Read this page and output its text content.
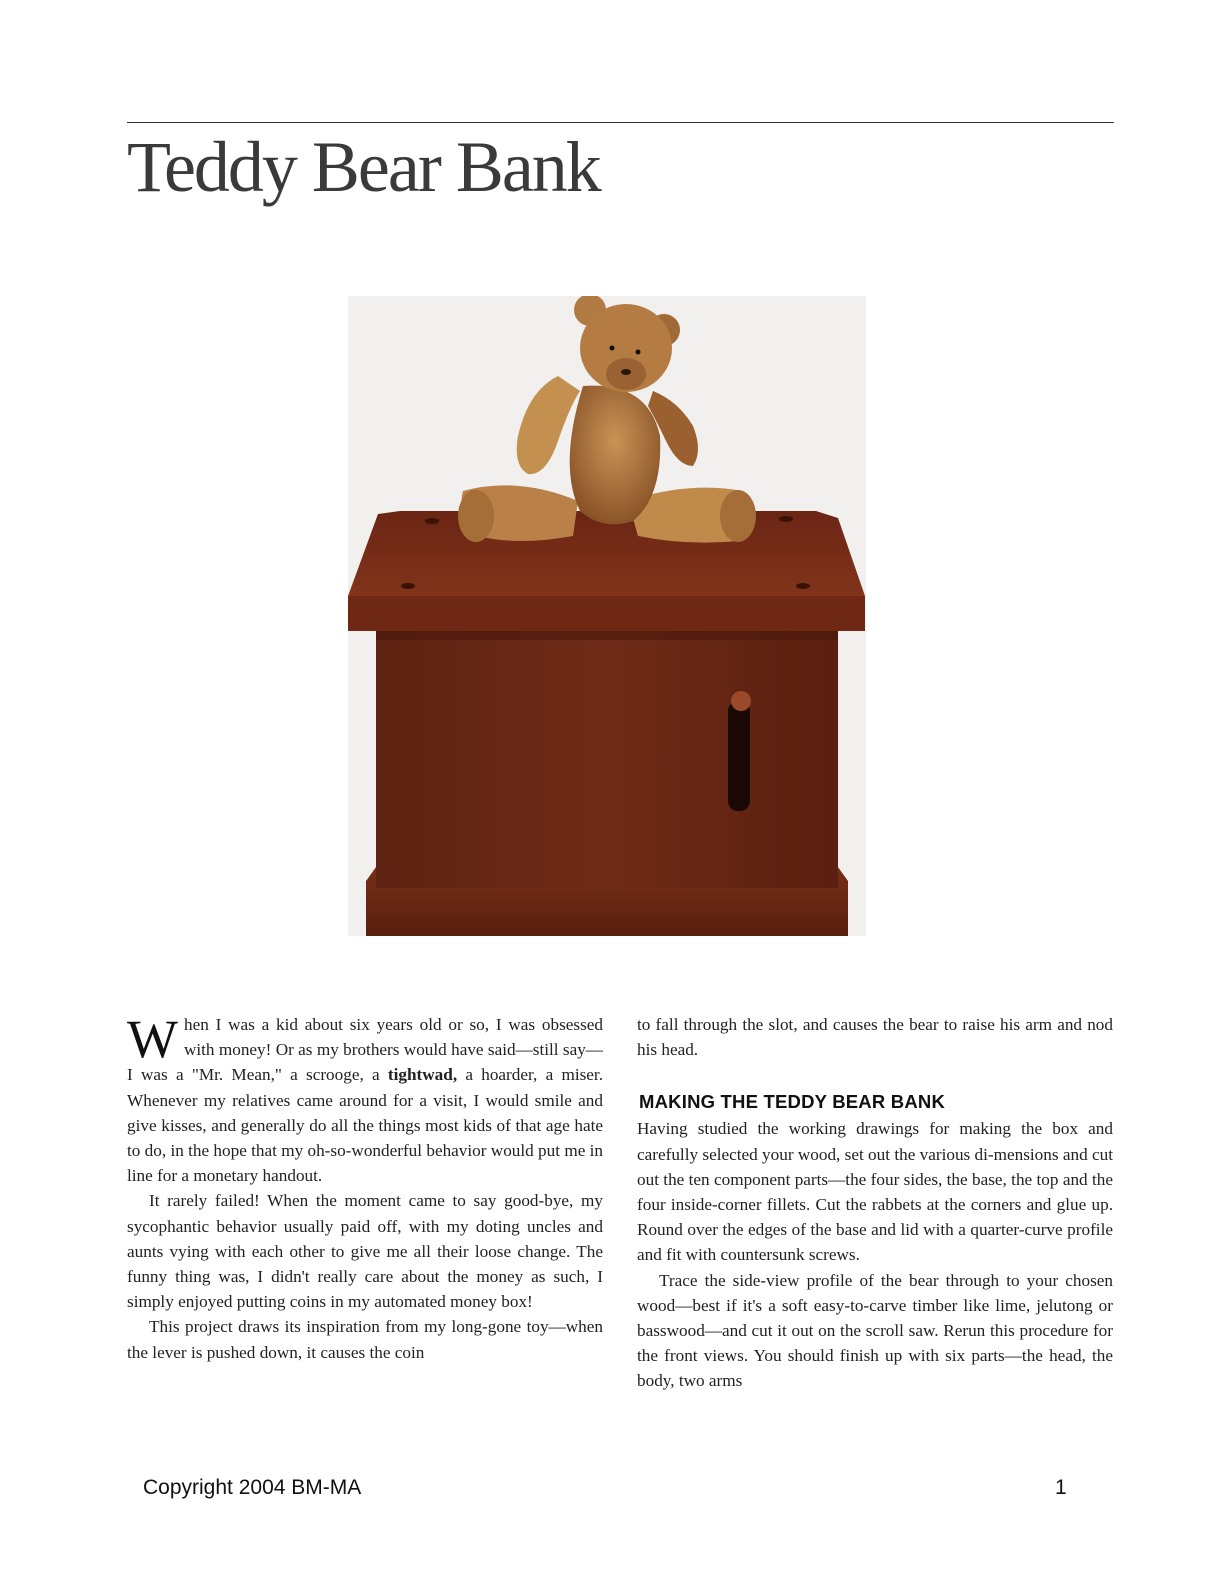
Teddy Bear Bank

When I was a kid about six years old or so, I was obsessed with money! Or as my brothers would have said—still say—I was a "Mr. Mean," a scrooge, a tightwad, a hoarder, a miser. Whenever my relatives came around for a visit, I would smile and give kisses, and generally do all the things most kids of that age hate to do, in the hope that my oh-so-wonderful behavior would put me in line for a monetary handout.

It rarely failed! When the moment came to say good-bye, my sycophantic behavior usually paid off, with my doting uncles and aunts vying with each other to give me all their loose change. The funny thing was, I didn't really care about the money as such, I simply enjoyed putting coins in my automated money box!

This project draws its inspiration from my long-gone toy—when the lever is pushed down, it causes the coin

to fall through the slot, and causes the bear to raise his arm and nod his head.

MAKING THE TEDDY BEAR BANK

Having studied the working drawings for making the box and carefully selected your wood, set out the various di-mensions and cut out the ten component parts—the four sides, the base, the top and the four inside-corner fillets. Cut the rabbets at the corners and glue up. Round over the edges of the base and lid with a quarter-curve profile and fit with countersunk screws.

Trace the side-view profile of the bear through to your chosen wood—best if it's a soft easy-to-carve timber like lime, jelutong or basswood—and cut it out on the scroll saw. Rerun this procedure for the front views. You should finish up with six parts—the head, the body, two arms

Copyright 2004 BM-MA	1
